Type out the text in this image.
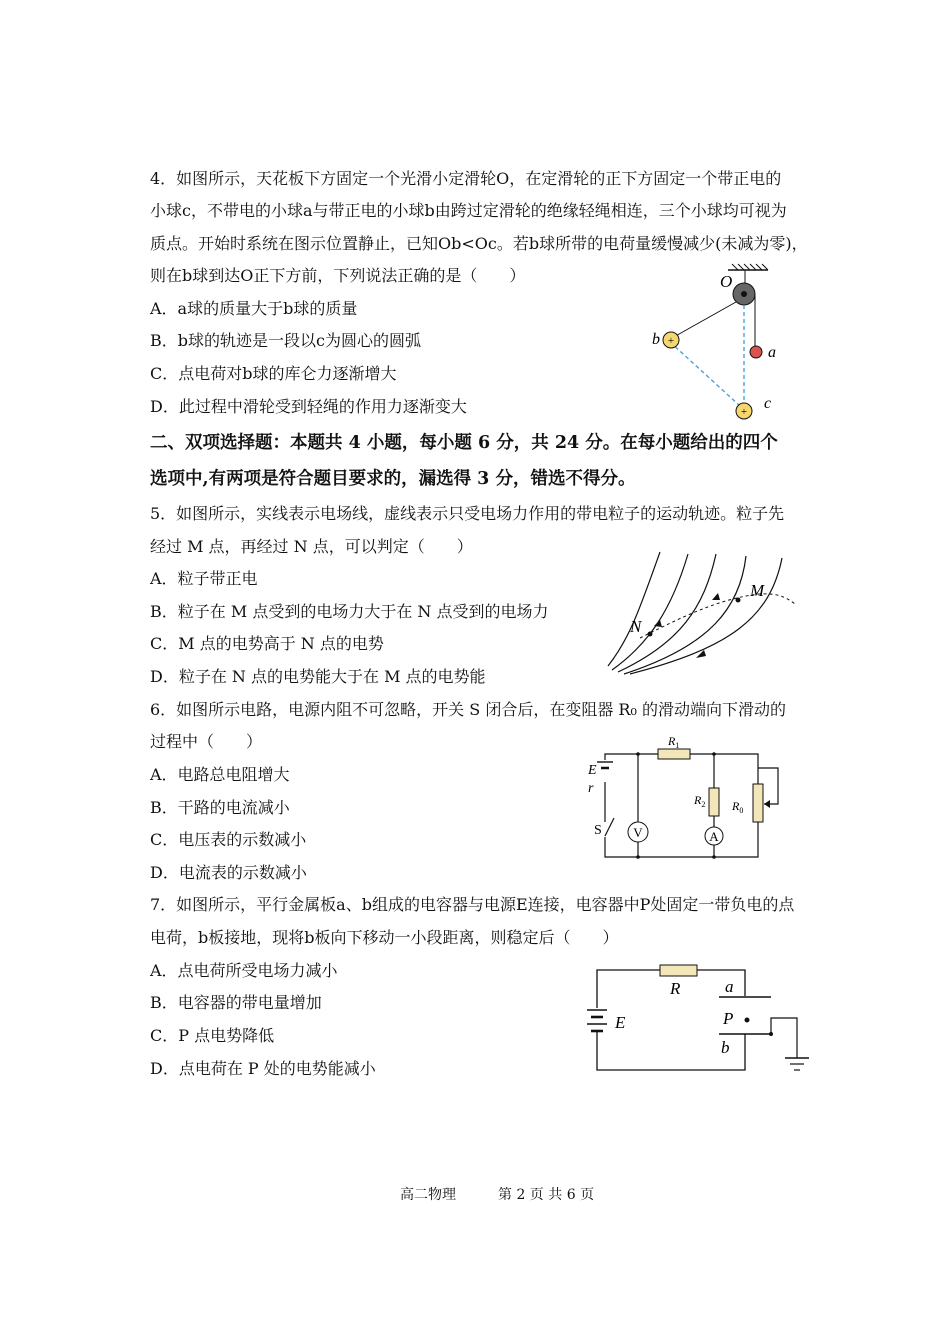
4．如图所示，天花板下方固定一个光滑小定滑轮O，在定滑轮的正下方固定一个带正电的
小球c，不带电的小球a与带正电的小球b由跨过定滑轮的绝缘轻绳相连，三个小球均可视为
质点。开始时系统在图示位置静止，已知Ob<Oc。若b球所带的电荷量缓慢减少(未减为零)，
则在b球到达O正下方前，下列说法正确的是（　　）
A．a球的质量大于b球的质量
B．b球的轨迹是一段以c为圆心的圆弧
C．点电荷对b球的库仑力逐渐增大
D．此过程中滑轮受到轻绳的作用力逐渐变大
O
a
+
b
+ c
二、双项选择题：本题共 4 小题，每小题 6 分，共 24 分。在每小题给出的四个
选项中,有两项是符合题目要求的，漏选得 3 分，错选不得分。
5．如图所示，实线表示电场线，虚线表示只受电场力作用的带电粒子的运动轨迹。粒子先
经过 M 点，再经过 N 点，可以判定（　　）
A．粒子带正电
B．粒子在 M 点受到的电场力大于在 N 点受到的电场力
C．M 点的电势高于 N 点的电势
D．粒子在 N 点的电势能大于在 M 点的电势能
M
N
6．如图所示电路，电源内阻不可忽略，开关 S 闭合后，在变阻器 R₀ 的滑动端向下滑动的
过程中（　　）
A．电路总电阻增大
B．干路的电流减小
C．电压表的示数减小
D．电流表的示数减小
E
r
S V
$R_1$
$R_2$
A
$R_0$
7．如图所示，平行金属板a、b组成的电容器与电源E连接，电容器中P处固定一带负电的点
电荷，b板接地，现将b板向下移动一小段距离，则稳定后（　　）
A．点电荷所受电场力减小
B．电容器的带电量增加
C．P 点电势降低
D．点电荷在 P 处的电势能减小
R
E
a
b
P
高二物理	第 2 页 共 6 页
